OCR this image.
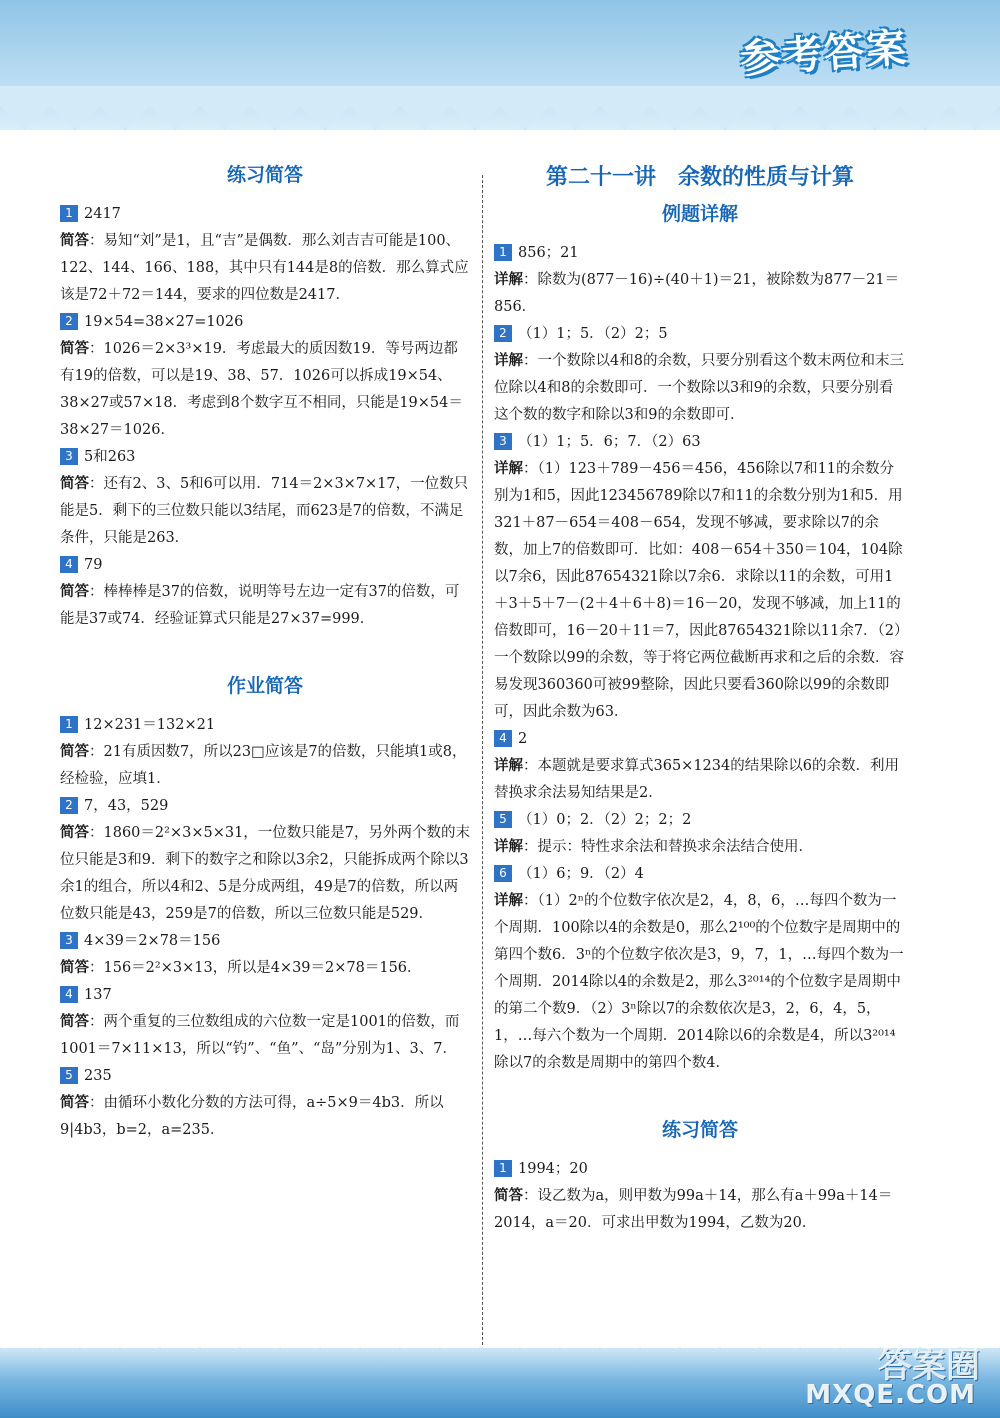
参考答案
答案圈
MXQE.COM
练习简答

1 2417

简答：易知“刘”是1，且“吉”是偶数．那么刘吉吉可能是100、122、144、166、188，其中只有144是8的倍数．那么算式应该是72＋72＝144，要求的四位数是2417．

2 19×54=38×27=1026

简答：1026＝2×3³×19．考虑最大的质因数19．等号两边都有19的倍数，可以是19、38、57．1026可以拆成19×54、38×27或57×18．考虑到8个数字互不相同，只能是19×54＝38×27＝1026．

3 5和263

简答：还有2、3、5和6可以用．714＝2×3×7×17，一位数只能是5．剩下的三位数只能以3结尾，而623是7的倍数，不满足条件，只能是263．

4 79

简答：棒棒棒是37的倍数，说明等号左边一定有37的倍数，可能是37或74．经验证算式只能是27×37=999．

作业简答

1 12×231＝132×21

简答：21有质因数7，所以23□应该是7的倍数，只能填1或8，经检验，应填1．

2 7，43，529

简答：1860＝2²×3×5×31，一位数只能是7，另外两个数的末位只能是3和9．剩下的数字之和除以3余2，只能拆成两个除以3余1的组合，所以4和2、5是分成两组，49是7的倍数，所以两位数只能是43，259是7的倍数，所以三位数只能是529．

3 4×39＝2×78＝156

简答：156＝2²×3×13，所以是4×39＝2×78＝156．

4 137

简答：两个重复的三位数组成的六位数一定是1001的倍数，而1001＝7×11×13，所以“钓”、“鱼”、“岛”分别为1、3、7．

5 235

简答：由循环小数化分数的方法可得，a÷5×9＝4b3．所以9|4b3，b=2，a=235．

第二十一讲　余数的性质与计算
例题详解

1 856；21

详解：除数为(877－16)÷(40＋1)＝21，被除数为877－21＝856．

2 （1）1；5．（2）2；5

详解：一个数除以4和8的余数，只要分别看这个数末两位和末三位除以4和8的余数即可．一个数除以3和9的余数，只要分别看这个数的数字和除以3和9的余数即可．

3 （1）1；5．6；7．（2）63

详解：（1）123＋789－456＝456，456除以7和11的余数分别为1和5，因此123456789除以7和11的余数分别为1和5．用321＋87－654＝408－654，发现不够减，要求除以7的余数，加上7的倍数即可．比如：408－654＋350＝104，104除以7余6，因此87654321除以7余6．求除以11的余数，可用1＋3＋5＋7－(2＋4＋6＋8)＝16－20，发现不够减，加上11的倍数即可，16－20＋11＝7，因此87654321除以11余7．（2）一个数除以99的余数，等于将它两位截断再求和之后的余数．容易发现360360可被99整除，因此只要看360除以99的余数即可，因此余数为63．

4 2

详解：本题就是要求算式365×1234的结果除以6的余数．利用替换求余法易知结果是2．

5 （1）0；2．（2）2；2；2

详解：提示：特性求余法和替换求余法结合使用．

6 （1）6；9．（2）4

详解：（1）2ⁿ的个位数字依次是2，4，8，6，…每四个数为一个周期．100除以4的余数是0，那么2¹⁰⁰的个位数字是周期中的第四个数6．3ⁿ的个位数字依次是3，9，7，1，…每四个数为一个周期．2014除以4的余数是2，那么3²⁰¹⁴的个位数字是周期中的第二个数9．（2）3ⁿ除以7的余数依次是3，2，6，4，5，1，…每六个数为一个周期．2014除以6的余数是4，所以3²⁰¹⁴除以7的余数是周期中的第四个数4．

练习简答

1 1994；20

简答：设乙数为a，则甲数为99a＋14，那么有a＋99a＋14＝2014，a＝20．可求出甲数为1994，乙数为20．
